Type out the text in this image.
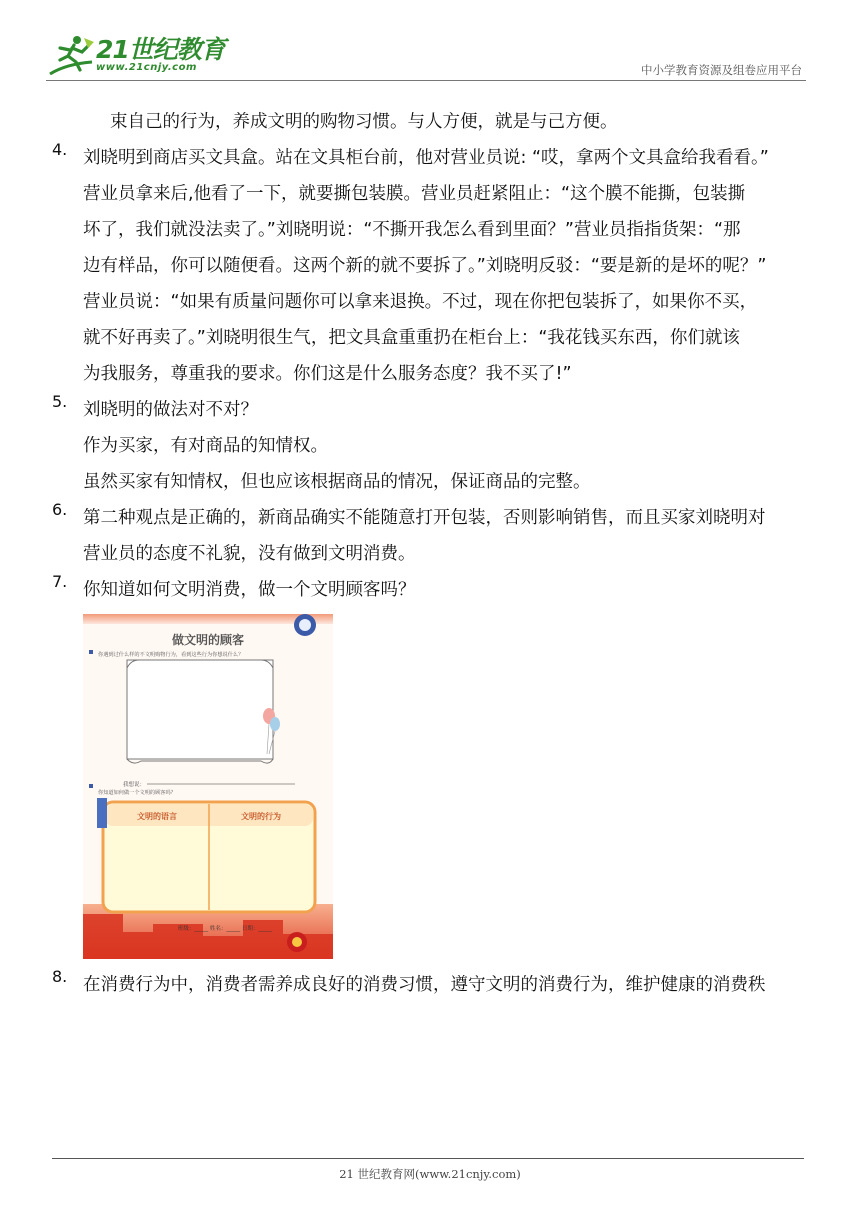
21世纪教育
www.21cnjy.com	中小学教育资源及组卷应用平台
束自己的行为，养成文明的购物习惯。与人方便，就是与己方便。
4. 刘晓明到商店买文具盒。站在文具柜台前，他对营业员说: “哎，拿两个文具盒给我看看。”
营业员拿来后,他看了一下，就要撕包装膜。营业员赶紧阻止：“这个膜不能撕，包装撕
坏了，我们就没法卖了。”刘晓明说：“不撕开我怎么看到里面？”营业员指指货架：“那
边有样品，你可以随便看。这两个新的就不要拆了。”刘晓明反驳：“要是新的是坏的呢？”
营业员说：“如果有质量问题你可以拿来退换。不过，现在你把包装拆了，如果你不买，
就不好再卖了。”刘晓明很生气，把文具盒重重扔在柜台上：“我花钱买东西，你们就该
为我服务，尊重我的要求。你们这是什么服务态度？我不买了!”
5. 刘晓明的做法对不对？
作为买家，有对商品的知情权。
虽然买家有知情权，但也应该根据商品的情况，保证商品的完整。
6. 第二种观点是正确的，新商品确实不能随意打开包装，否则影响销售，而且买家刘晓明对
营业员的态度不礼貌，没有做到文明消费。
7. 你知道如何文明消费，做一个文明顾客吗？
做文明的顾客
你遇到过什么样的不文明购物行为，看到这些行为你想说什么？
我想说：
你知道如何做一个文明的顾客吗？
文明的语言	文明的行为
班级：_____ 姓名：_____ 日期：_____
8. 在消费行为中，消费者需养成良好的消费习惯，遵守文明的消费行为，维护健康的消费秩
21 世纪教育网(www.21cnjy.com)
